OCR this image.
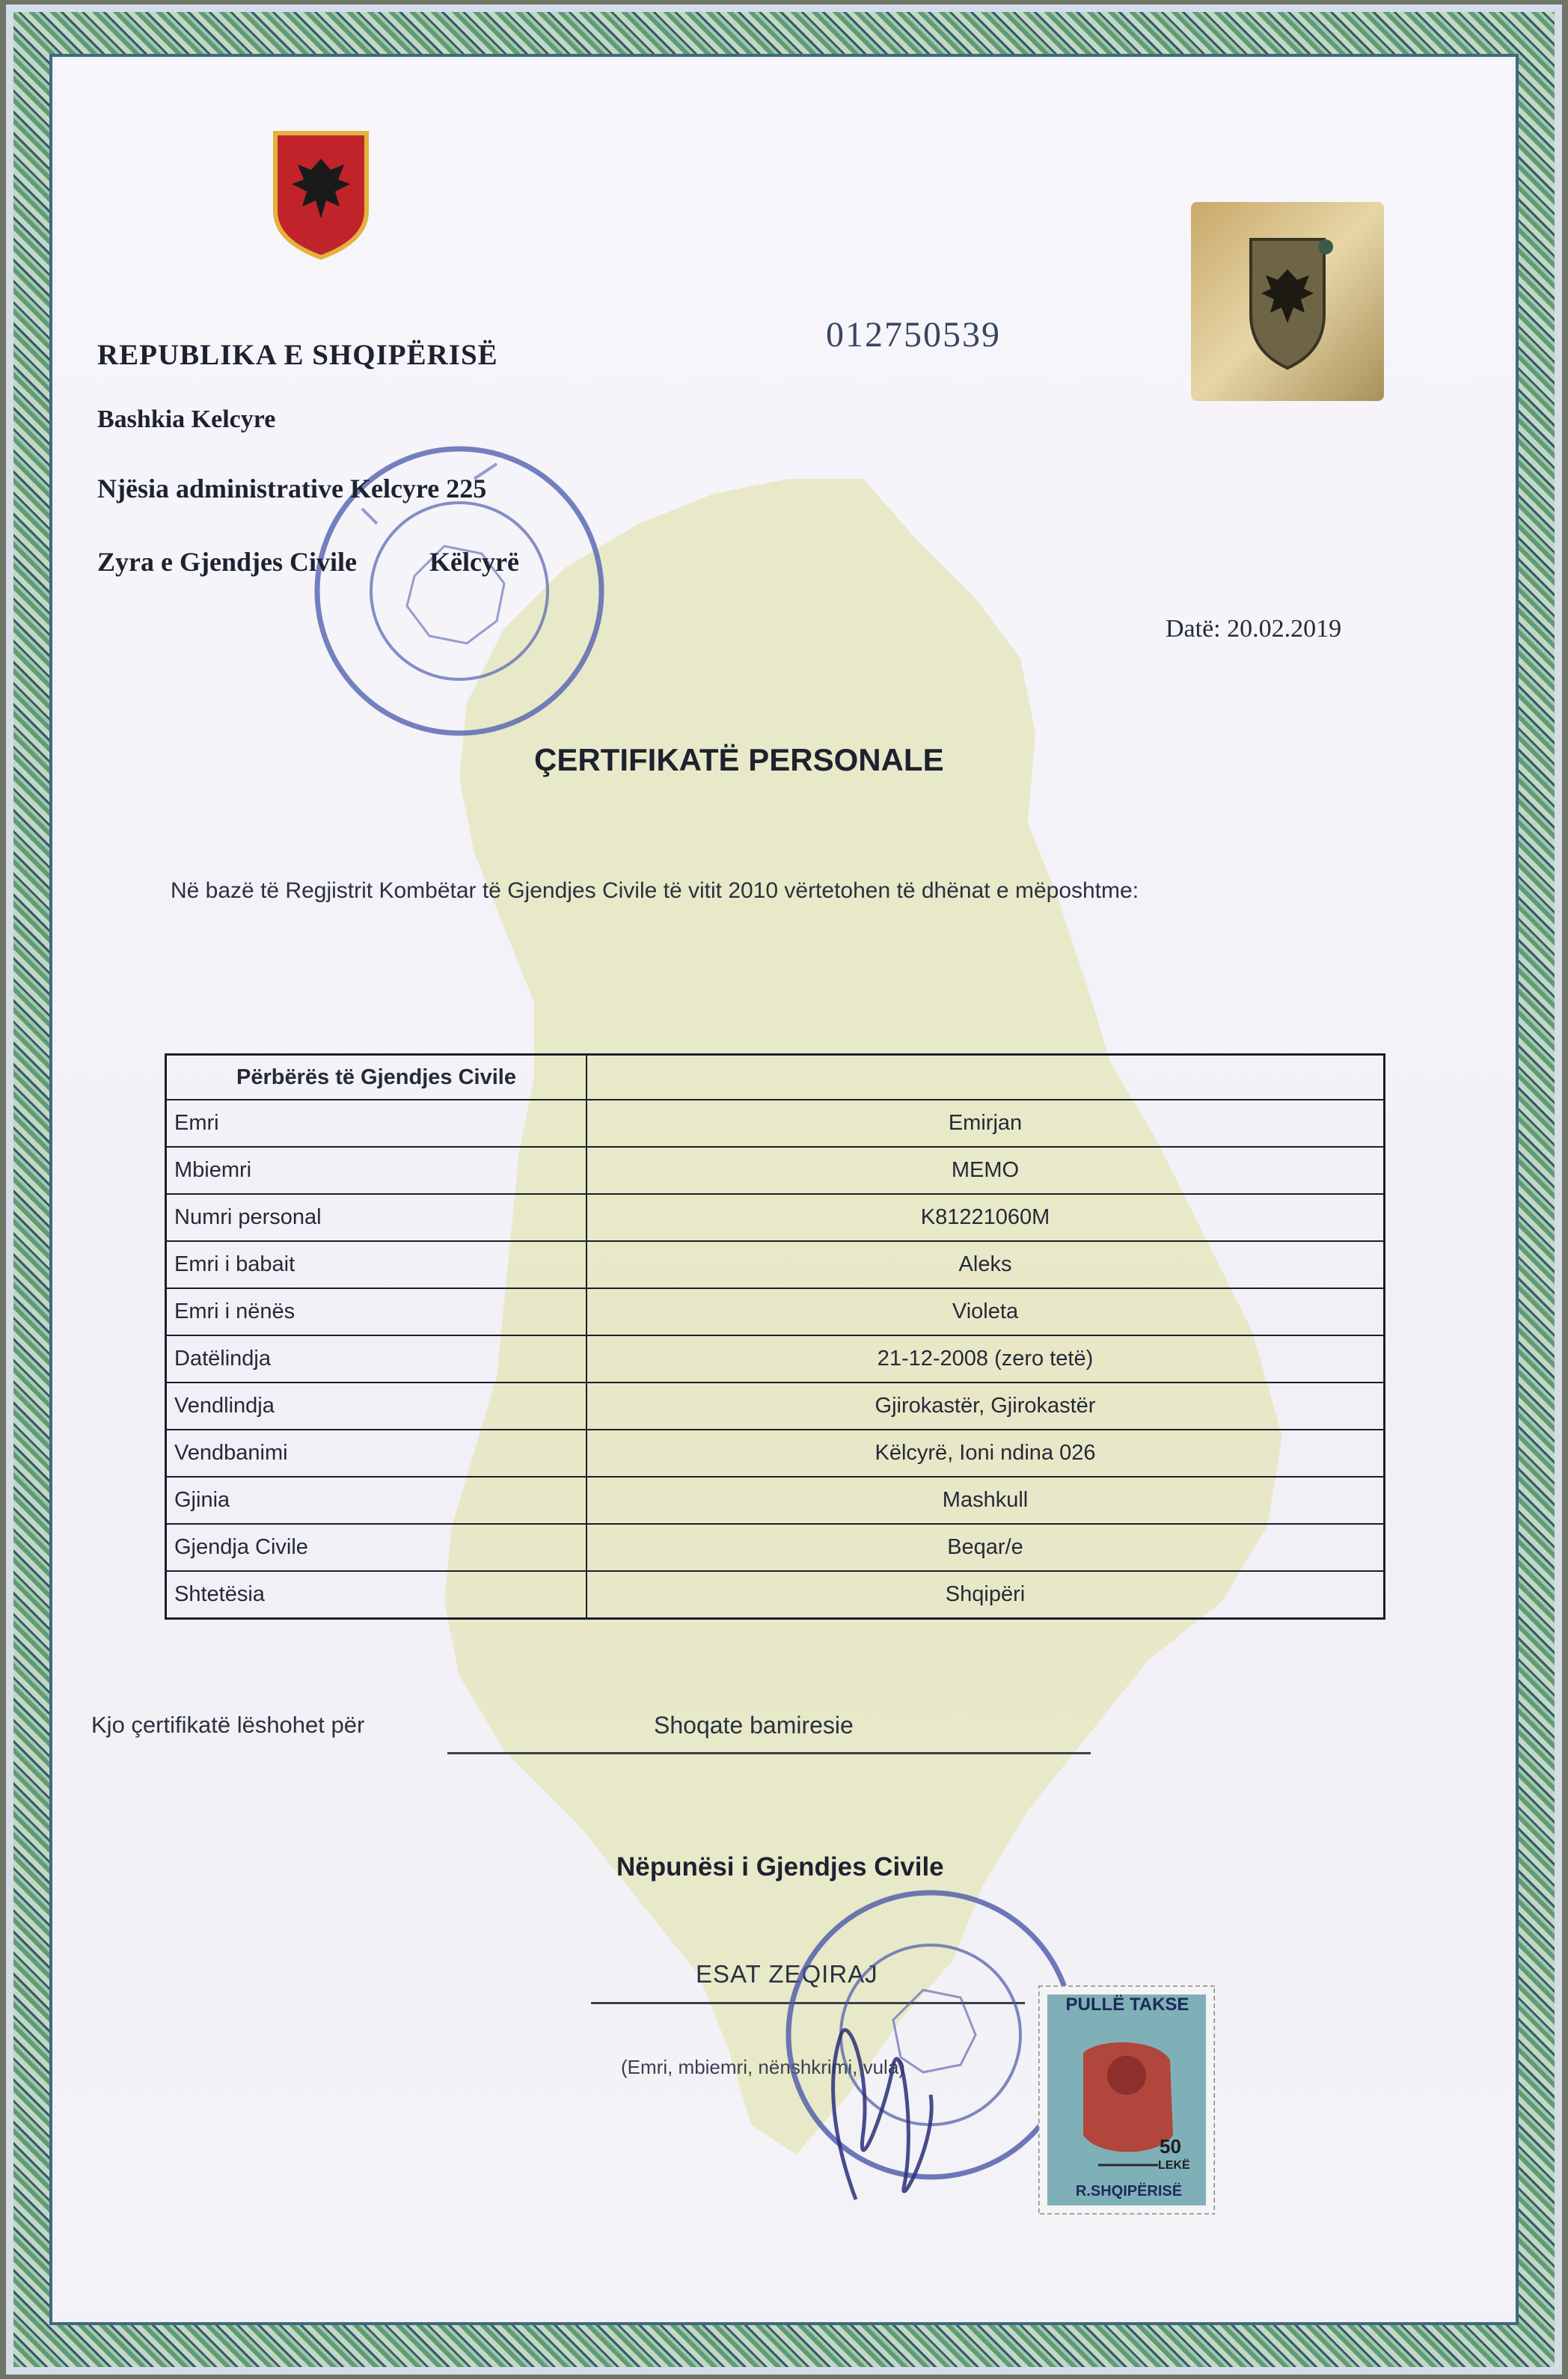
012750539
REPUBLIKA E SHQIPËRISË
Bashkia Kelcyre
Njësia administrative Kelcyre 225
Zyra e Gjendjes Civile	Këlcyrë
Datë: 20.02.2019
ÇERTIFIKATË PERSONALE
Në bazë të Regjistrit Kombëtar të Gjendjes Civile të vitit 2010 vërtetohen të dhënat e mëposhtme:
Përbërës të Gjendjes Civile	
Emri	Emirjan
Mbiemri	MEMO
Numri personal	K81221060M
Emri i babait	Aleks
Emri i nënës	Violeta
Datëlindja	21-12-2008 (zero tetë)
Vendlindja	Gjirokastër, Gjirokastër
Vendbanimi	Këlcyrë, Ioni ndina 026
Gjinia	Mashkull
Gjendja Civile	Beqar/e
Shtetësia	Shqipëri
Kjo çertifikatë lëshohet për	Shoqate bamiresie
Nëpunësi i Gjendjes Civile
ESAT ZEQIRAJ
(Emri, mbiemri, nënshkrimi, vula)
PULLË TAKSE
50
LEKË
R.SHQIPËRISË
